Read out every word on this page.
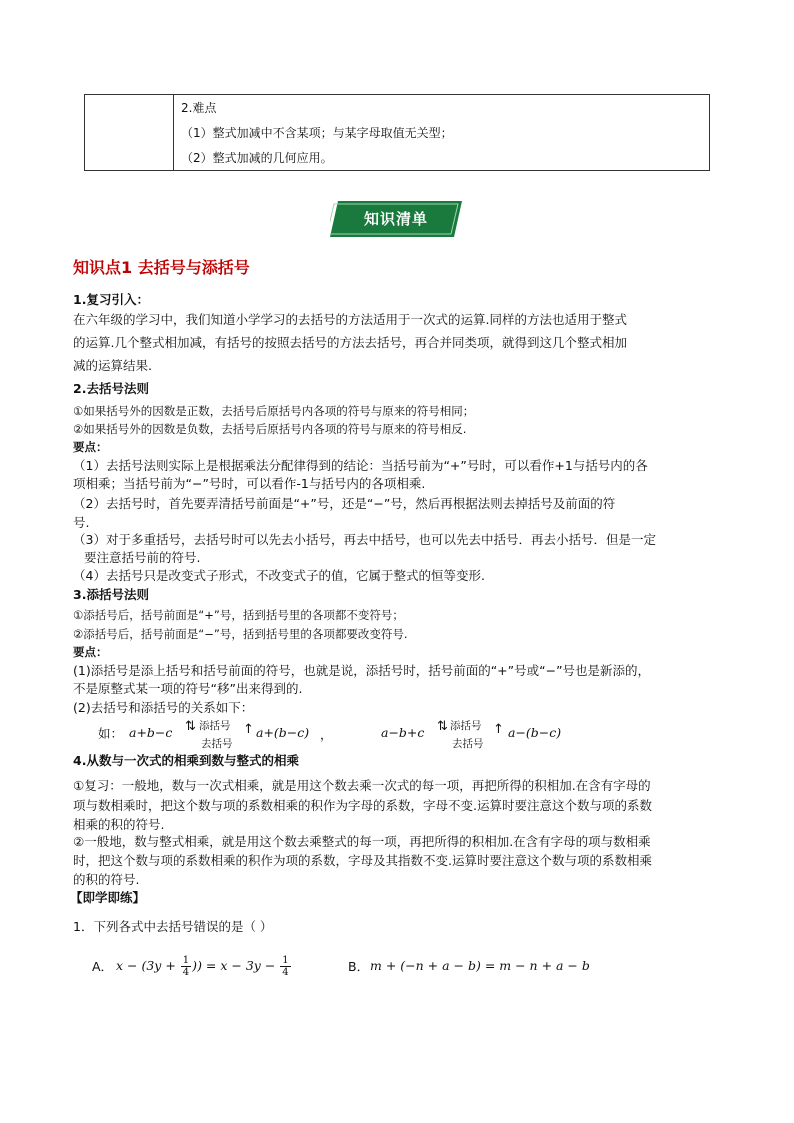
2.难点
（1）整式加减中不含某项；与某字母取值无关型；
（2）整式加减的几何应用。
知识清单
知识点1 去括号与添括号
1.复习引入：
在六年级的学习中，我们知道小学学习的去括号的方法适用于一次式的运算.同样的方法也适用于整式
的运算.几个整式相加减，有括号的按照去括号的方法去括号，再合并同类项，就得到这几个整式相加
减的运算结果.
2.去括号法则
①如果括号外的因数是正数，去括号后原括号内各项的符号与原来的符号相同；
②如果括号外的因数是负数，去括号后原括号内各项的符号与原来的符号相反.
要点：
（1）去括号法则实际上是根据乘法分配律得到的结论：当括号前为“+”号时，可以看作+1与括号内的各
项相乘；当括号前为“−”号时，可以看作-1与括号内的各项相乘.
（2）去括号时，首先要弄清括号前面是“+”号，还是“−”号，然后再根据法则去掉括号及前面的符
号.
（3）对于多重括号，去括号时可以先去小括号，再去中括号，也可以先去中括号．再去小括号．但是一定
要注意括号前的符号.
（4）去括号只是改变式子形式，不改变式子的值，它属于整式的恒等变形.
3.添括号法则
①添括号后，括号前面是“+”号，括到括号里的各项都不变符号；
②添括号后，括号前面是“−”号，括到括号里的各项都要改变符号.
要点：
(1)添括号是添上括号和括号前面的符号，也就是说，添括号时，括号前面的“+”号或“−”号也是新添的，
不是原整式某一项的符号“移”出来得到的.
(2)去括号和添括号的关系如下：
如： a+b−c ⇅ 添括号
去括号
↑ a+(b−c) ，	a−b+c ⇅ 添括号
去括号
↑ a−(b−c)
4.从数与一次式的相乘到数与整式的相乘
①复习：一般地，数与一次式相乘，就是用这个数去乘一次式的每一项，再把所得的积相加.在含有字母的
项与数相乘时，把这个数与项的系数相乘的积作为字母的系数，字母不变.运算时要注意这个数与项的系数
相乘的积的符号.
②一般地，数与整式相乘，就是用这个数去乘整式的每一项，再把所得的积相加.在含有字母的项与数相乘
时，把这个数与项的系数相乘的积作为项的系数，字母及其指数不变.运算时要注意这个数与项的系数相乘
的积的符号.
【即学即练】
1．下列各式中去括号错误的是（ ）
A． $x - (3y + \frac{1}{4}$ )) = $x - 3y - \frac{1}{4}$	B． m + (−n + a − b) = m − n + a − b
